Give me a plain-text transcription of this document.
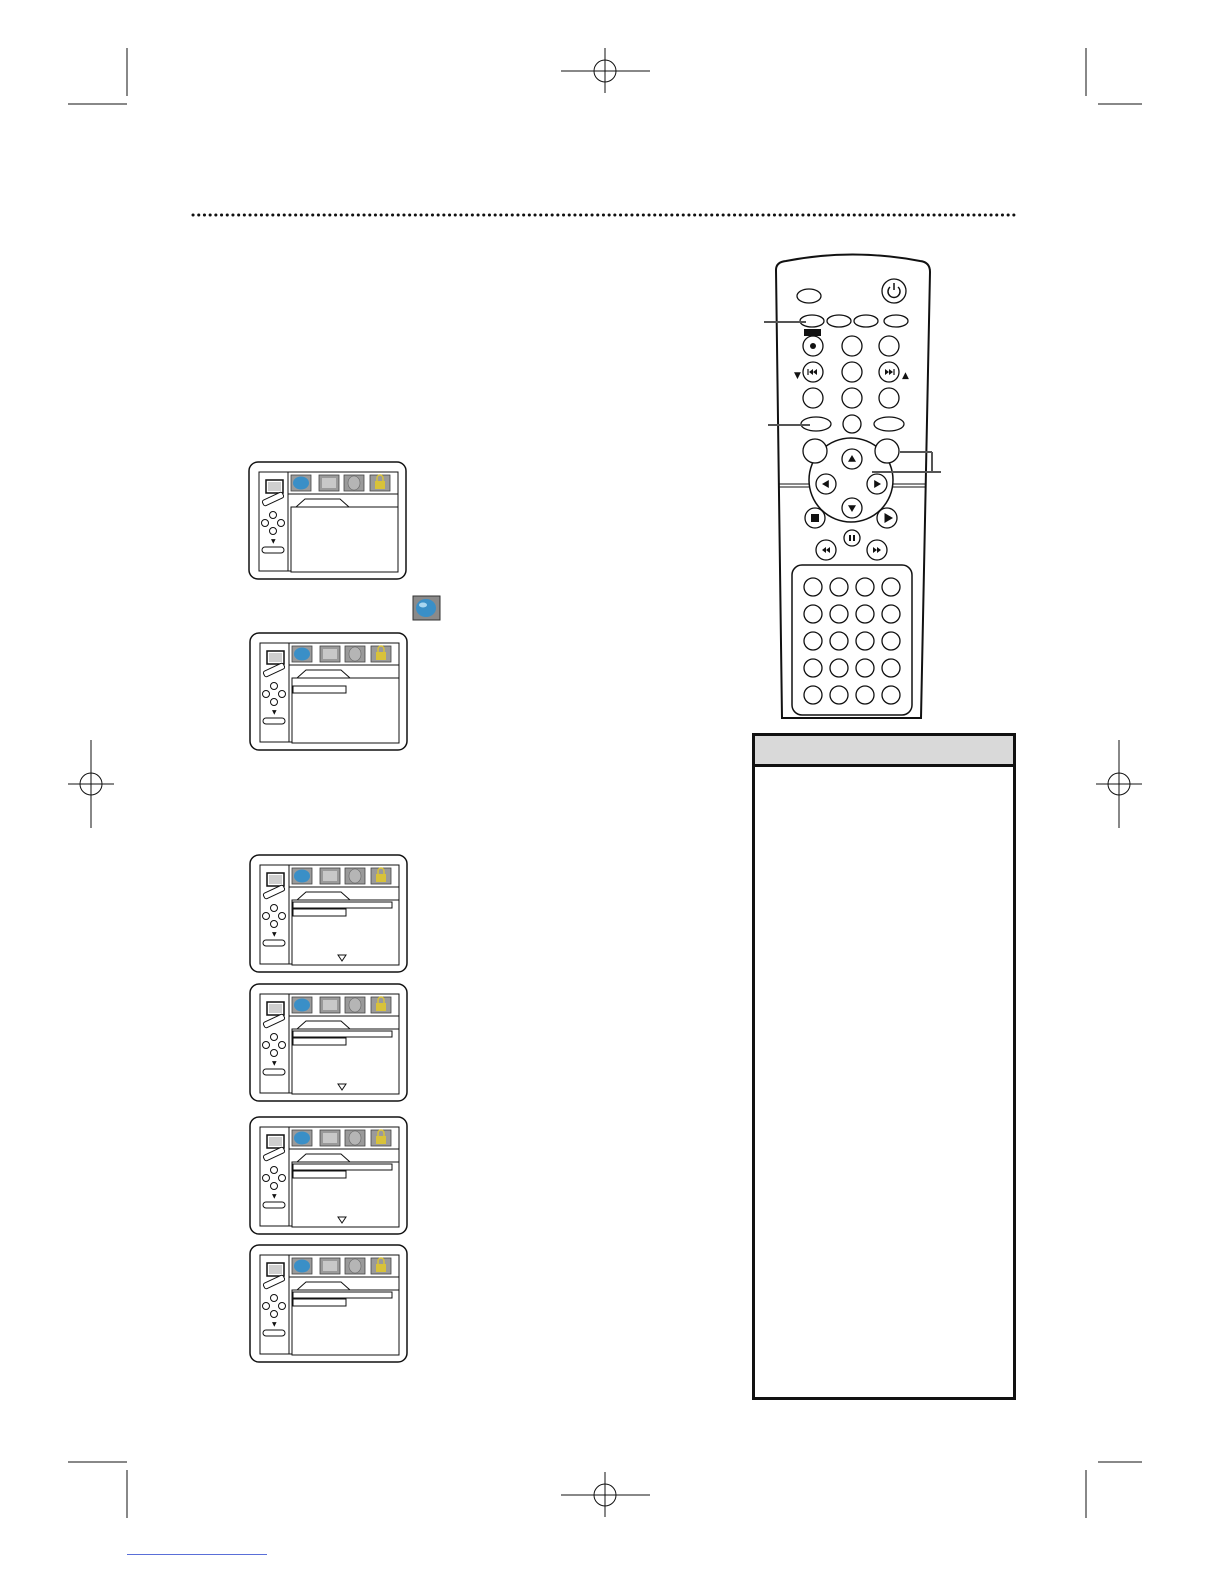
▼
▼
▼
▼
▼
▼
▼	▲
